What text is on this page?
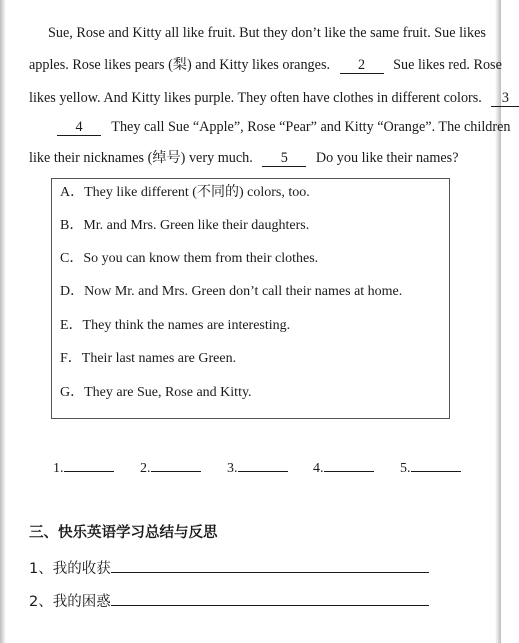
Sue, Rose and Kitty all like fruit. But they don’t like the same fruit. Sue likes
apples. Rose likes pears (梨) and Kitty likes oranges. 2 Sue likes red. Rose
likes yellow. And Kitty likes purple. They often have clothes in different colors. 3
4 They call Sue “Apple”, Rose “Pear” and Kitty “Orange”. The children
like their nicknames (绰号) very much. 5 Do you like their names?
A．They like different (不同的) colors, too.
B．Mr. and Mrs. Green like their daughters.
C．So you can know them from their clothes.
D．Now Mr. and Mrs. Green don’t call their names at home.
E．They think the names are interesting.
F．Their last names are Green.
G．They are Sue, Rose and Kitty.
1.	2.	3.	4.	5.
三、快乐英语学习总结与反思
1、我的收获
2、我的困惑
